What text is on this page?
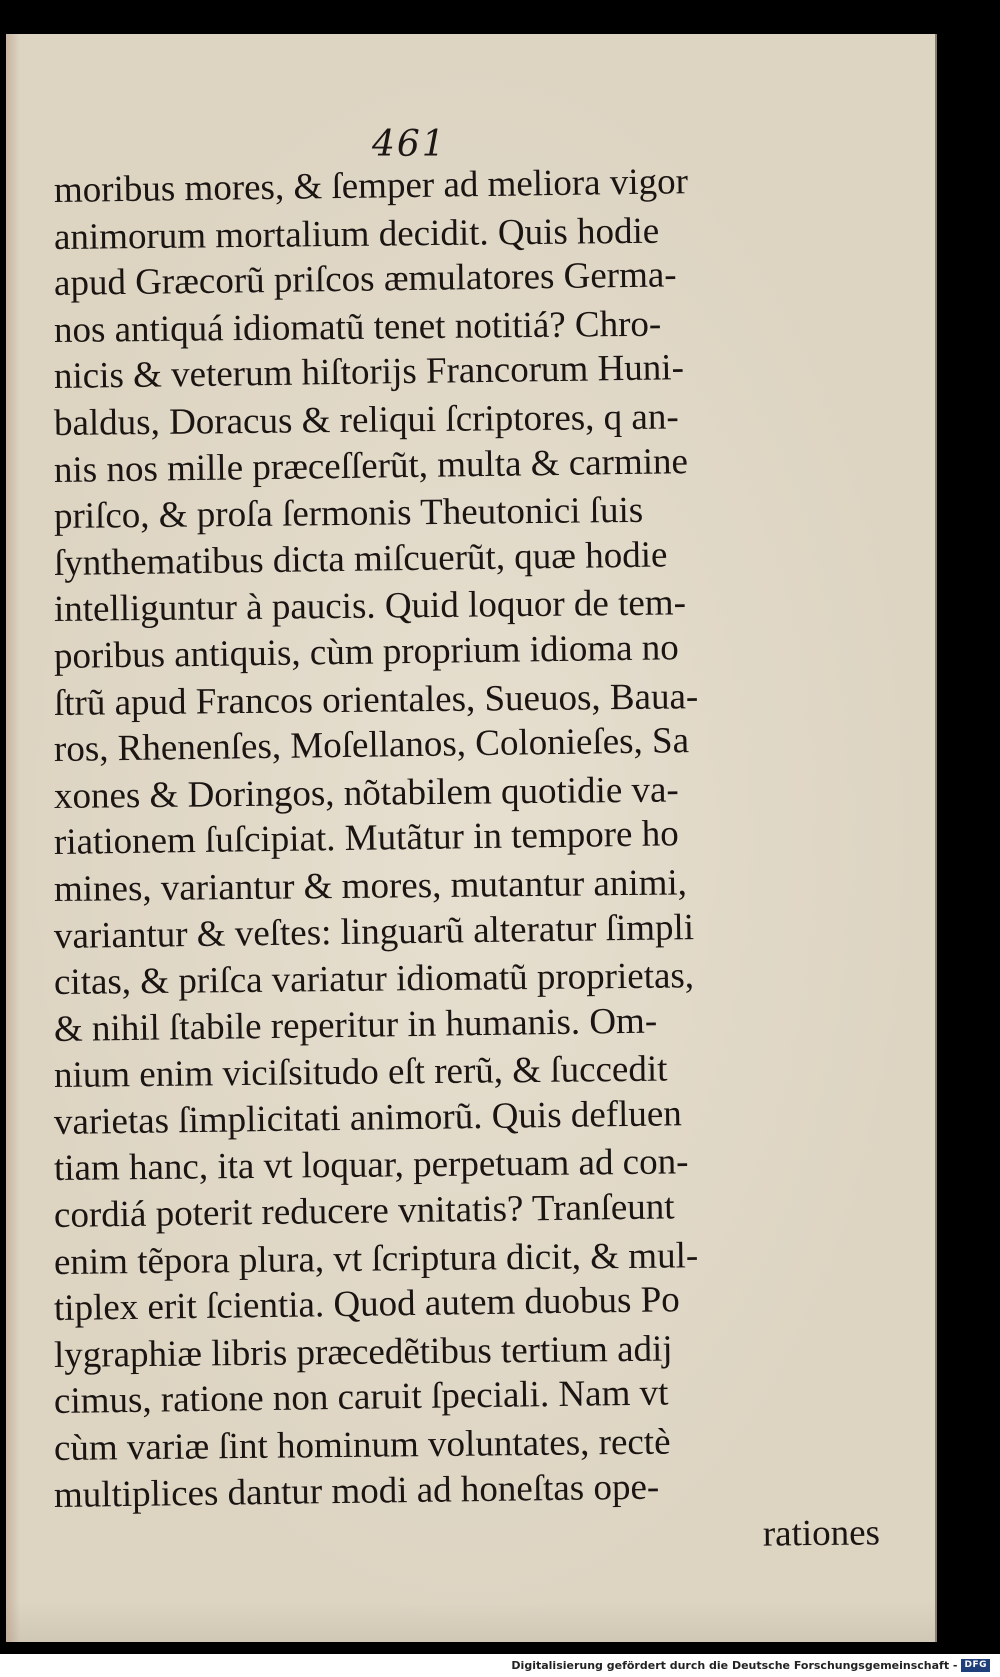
461

moribus mores, & ſemper ad meliora vigor
animorum mortalium decidit. Quis hodie
apud Græcorũ priſcos æmulatores Germa-
nos antiquá idiomatũ tenet notitiá? Chro-
nicis & veterum hiſtorijs Francorum Huni-
baldus, Doracus & reliqui ſcriptores, q an-
nis nos mille præceſſerũt, multa & carmine
priſco, & proſa ſermonis Theutonici ſuis
ſynthematibus dicta miſcuerũt, quæ hodie
intelliguntur à paucis. Quid loquor de tem-
poribus antiquis, cùm proprium idioma no
ſtrũ apud Francos orientales, Sueuos, Baua-
ros, Rhenenſes, Moſellanos, Colonieſes, Sa
xones & Doringos, nõtabilem quotidie va-
riationem ſuſcipiat. Mutãtur in tempore ho
mines, variantur & mores, mutantur animi,
variantur & veſtes: linguarũ alteratur ſimpli
citas, & priſca variatur idiomatũ proprietas,
& nihil ſtabile reperitur in humanis. Om-
nium enim viciſsitudo eſt rerũ, & ſuccedit
varietas ſimplicitati animorũ. Quis defluen
tiam hanc, ita vt loquar, perpetuam ad con-
cordiá poterit reducere vnitatis? Tranſeunt
enim tẽpora plura, vt ſcriptura dicit, & mul-
tiplex erit ſcientia. Quod autem duobus Po
lygraphiæ libris præcedẽtibus tertium adij
cimus, ratione non caruit ſpeciali. Nam vt
cùm variæ ſint hominum voluntates, rectè
multiplices dantur modi ad honeſtas ope-
rationes
Digitalisierung gefördert durch die Deutsche Forschungsgemeinschaft - DFG
